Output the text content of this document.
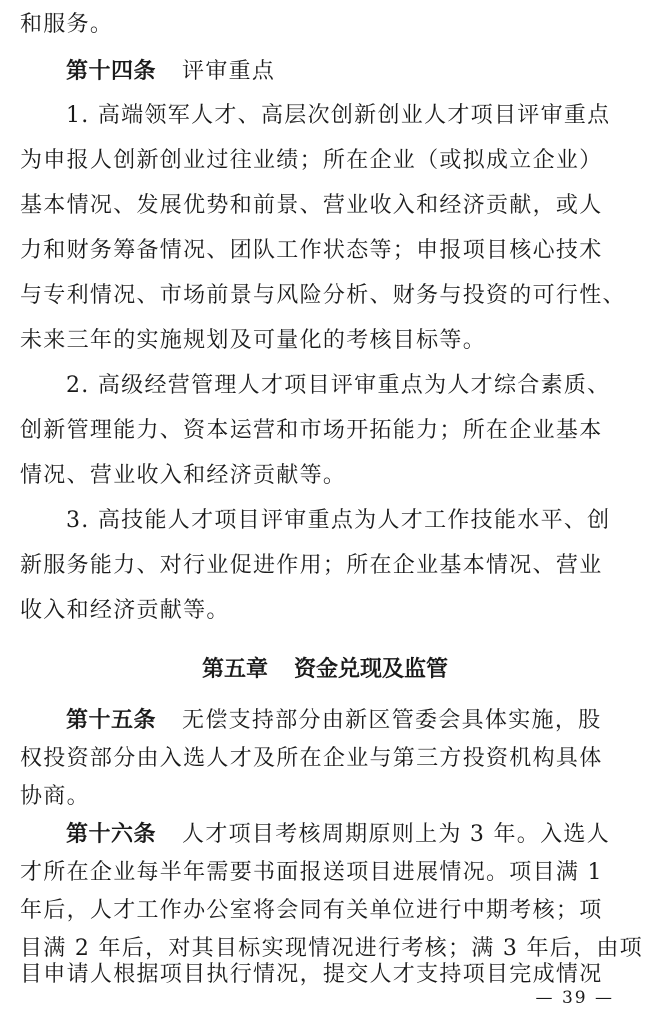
和服务。
第十四条 评审重点
1. 高端领军人才、高层次创新创业人才项目评审重点
为申报人创新创业过往业绩；所在企业（或拟成立企业）
基本情况、发展优势和前景、营业收入和经济贡献，或人
力和财务筹备情况、团队工作状态等；申报项目核心技术
与专利情况、市场前景与风险分析、财务与投资的可行性、
未来三年的实施规划及可量化的考核目标等。
2. 高级经营管理人才项目评审重点为人才综合素质、
创新管理能力、资本运营和市场开拓能力；所在企业基本
情况、营业收入和经济贡献等。
3. 高技能人才项目评审重点为人才工作技能水平、创
新服务能力、对行业促进作用；所在企业基本情况、营业
收入和经济贡献等。
第五章 资金兑现及监管
第十五条 无偿支持部分由新区管委会具体实施，股
权投资部分由入选人才及所在企业与第三方投资机构具体
协商。
第十六条 人才项目考核周期原则上为 3 年。入选人
才所在企业每半年需要书面报送项目进展情况。项目满 1
年后，人才工作办公室将会同有关单位进行中期考核；项
目满 2 年后，对其目标实现情况进行考核；满 3 年后，由项
目申请人根据项目执行情况，提交人才支持项目完成情况
— 39 —
